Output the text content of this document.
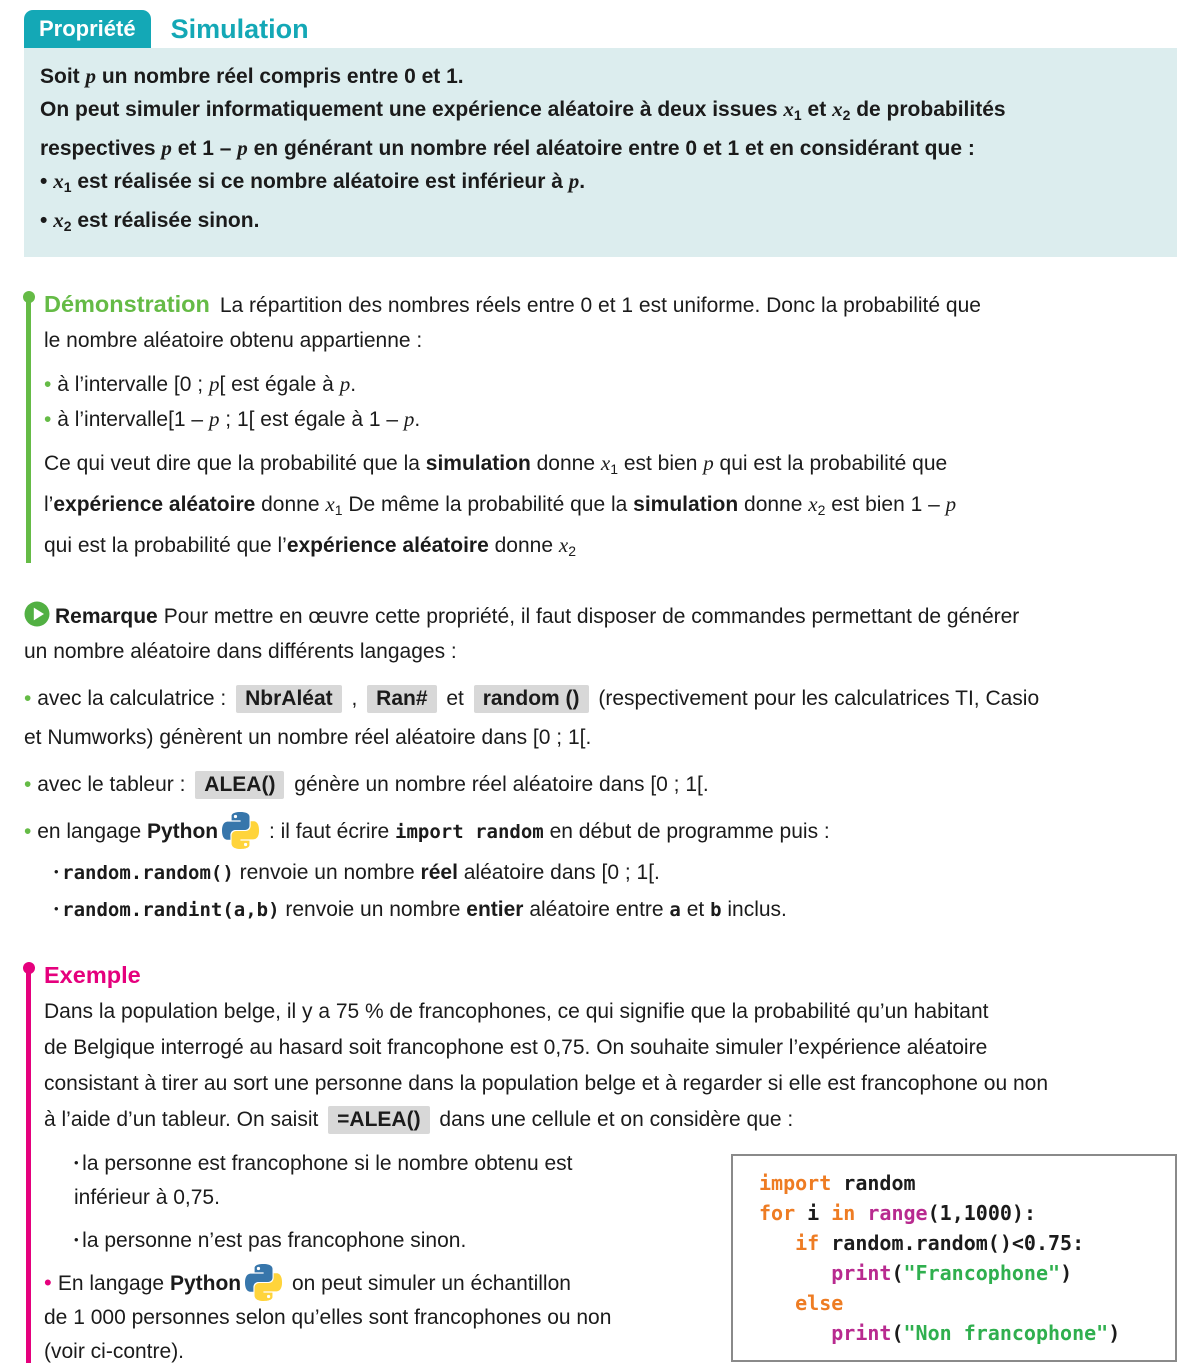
Propriété	Simulation
Soit p un nombre réel compris entre 0 et 1.
On peut simuler informatiquement une expérience aléatoire à deux issues $x_1$ et $x_2$ de probabilités
respectives p et 1 – p en générant un nombre réel aléatoire entre 0 et 1 et en considérant que :
• $x_1$ est réalisée si ce nombre aléatoire est inférieur à p.
• $x_2$ est réalisée sinon.
Démonstration La répartition des nombres réels entre 0 et 1 est uniforme. Donc la probabilité que
le nombre aléatoire obtenu appartienne :
• à l’intervalle [0 ; p[ est égale à p.
• à l’intervalle[1 – p ; 1[ est égale à 1 – p.
Ce qui veut dire que la probabilité que la simulation donne $x_1$ est bien p qui est la probabilité que
l’expérience aléatoire donne $x_1$ De même la probabilité que la simulation donne $x_2$ est bien 1 – p
qui est la probabilité que l’expérience aléatoire donne $x_2$
Remarque Pour mettre en œuvre cette propriété, il faut disposer de commandes permettant de générer
un nombre aléatoire dans différents langages :
• avec la calculatrice : NbrAléat , Ran# et random () (respectivement pour les calculatrices TI, Casio
et Numworks) génèrent un nombre réel aléatoire dans [0 ; 1[.
• avec le tableur : ALEA() génère un nombre réel aléatoire dans [0 ; 1[.
• en langage Python : il faut écrire import random en début de programme puis :
• random.random() renvoie un nombre réel aléatoire dans [0 ; 1[.
• random.randint(a,b) renvoie un nombre entier aléatoire entre a et b inclus.
Exemple
Dans la population belge, il y a 75 % de francophones, ce qui signifie que la probabilité qu’un habitant
de Belgique interrogé au hasard soit francophone est 0,75. On souhaite simuler l’expérience aléatoire
consistant à tirer au sort une personne dans la population belge et à regarder si elle est francophone ou non
à l’aide d’un tableur. On saisit =ALEA() dans une cellule et on considère que :
• la personne est francophone si le nombre obtenu est
inférieur à 0,75.
• la personne n’est pas francophone sinon.
• En langage Python on peut simuler un échantillon
de 1 000 personnes selon qu’elles sont francophones ou non
(voir ci-contre).
import random
for i in range(1,1000):
if random.random()<0.75:
print("Francophone")
else
print("Non francophone")
